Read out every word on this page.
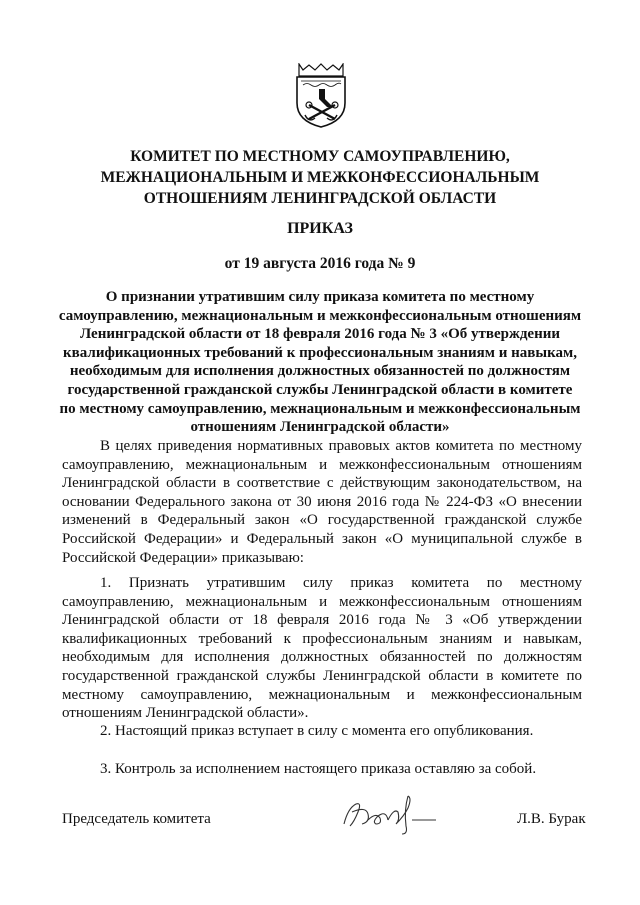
КОМИТЕТ ПО МЕСТНОМУ САМОУПРАВЛЕНИЮ,
МЕЖНАЦИОНАЛЬНЫМ И МЕЖКОНФЕССИОНАЛЬНЫМ
ОТНОШЕНИЯМ ЛЕНИНГРАДСКОЙ ОБЛАСТИ
ПРИКАЗ
от 19 августа 2016 года № 9
О признании утратившим силу приказа комитета по местному самоуправлению, межнациональным и межконфессиональным отношениям Ленинградской области от 18 февраля 2016 года № 3 «Об утверждении квалификационных требований к профессиональным знаниям и навыкам, необходимым для исполнения должностных обязанностей по должностям государственной гражданской службы Ленинградской области в комитете по местному самоуправлению, межнациональным и межконфессиональным отношениям Ленинградской области»

В целях приведения нормативных правовых актов комитета по местному самоуправлению, межнациональным и межконфессиональным отношениям Ленинградской области в соответствие с действующим законодательством, на основании Федерального закона от 30 июня 2016 года № 224-ФЗ «О внесении изменений в Федеральный закон «О государственной гражданской службе Российской Федерации» и Федеральный закон «О муниципальной службе в Российской Федерации» приказываю:

1. Признать утратившим силу приказ комитета по местному самоуправлению, межнациональным и межконфессиональным отношениям Ленинградской области от 18 февраля 2016 года № 3 «Об утверждении квалификационных требований к профессиональным знаниям и навыкам, необходимым для исполнения должностных обязанностей по должностям государственной гражданской службы Ленинградской области в комитете по местному самоуправлению, межнациональным и межконфессиональным отношениям Ленинградской области».

2. Настоящий приказ вступает в силу с момента его опубликования.

3. Контроль за исполнением настоящего приказа оставляю за собой.

Председатель комитета	Л.В. Бурак
